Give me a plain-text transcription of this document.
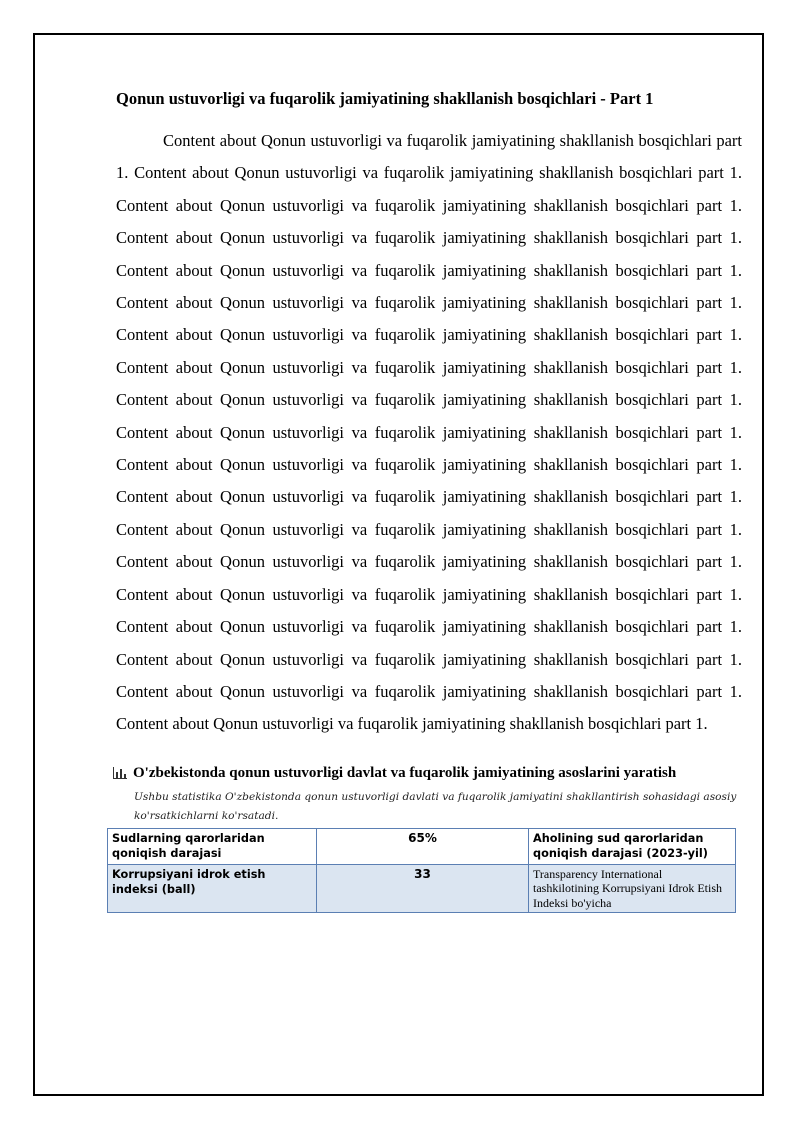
Qonun ustuvorligi va fuqarolik jamiyatining shakllanish bosqichlari - Part 1

Content about Qonun ustuvorligi va fuqarolik jamiyatining shakllanish bosqichlari part 1. Content about Qonun ustuvorligi va fuqarolik jamiyatining shakllanish bosqichlari part 1. Content about Qonun ustuvorligi va fuqarolik jamiyatining shakllanish bosqichlari part 1. Content about Qonun ustuvorligi va fuqarolik jamiyatining shakllanish bosqichlari part 1. Content about Qonun ustuvorligi va fuqarolik jamiyatining shakllanish bosqichlari part 1. Content about Qonun ustuvorligi va fuqarolik jamiyatining shakllanish bosqichlari part 1. Content about Qonun ustuvorligi va fuqarolik jamiyatining shakllanish bosqichlari part 1. Content about Qonun ustuvorligi va fuqarolik jamiyatining shakllanish bosqichlari part 1. Content about Qonun ustuvorligi va fuqarolik jamiyatining shakllanish bosqichlari part 1. Content about Qonun ustuvorligi va fuqarolik jamiyatining shakllanish bosqichlari part 1. Content about Qonun ustuvorligi va fuqarolik jamiyatining shakllanish bosqichlari part 1. Content about Qonun ustuvorligi va fuqarolik jamiyatining shakllanish bosqichlari part 1. Content about Qonun ustuvorligi va fuqarolik jamiyatining shakllanish bosqichlari part 1. Content about Qonun ustuvorligi va fuqarolik jamiyatining shakllanish bosqichlari part 1. Content about Qonun ustuvorligi va fuqarolik jamiyatining shakllanish bosqichlari part 1. Content about Qonun ustuvorligi va fuqarolik jamiyatining shakllanish bosqichlari part 1. Content about Qonun ustuvorligi va fuqarolik jamiyatining shakllanish bosqichlari part 1. Content about Qonun ustuvorligi va fuqarolik jamiyatining shakllanish bosqichlari part 1. Content about Qonun ustuvorligi va fuqarolik jamiyatining shakllanish bosqichlari part 1.

O'zbekistonda qonun ustuvorligi davlat va fuqarolik jamiyatining asoslarini yaratish
Ushbu statistika O'zbekistonda qonun ustuvorligi davlati va fuqarolik jamiyatini shakllantirish sohasidagi asosiy ko'rsatkichlarni ko'rsatadi.
Sudlarning qarorlaridan qoniqish darajasi	65%	Aholining sud qarorlaridan qoniqish darajasi (2023-yil)
Korrupsiyani idrok etish indeksi (ball)	33	Transparency International tashkilotining Korrupsiyani Idrok Etish Indeksi bo'yicha
